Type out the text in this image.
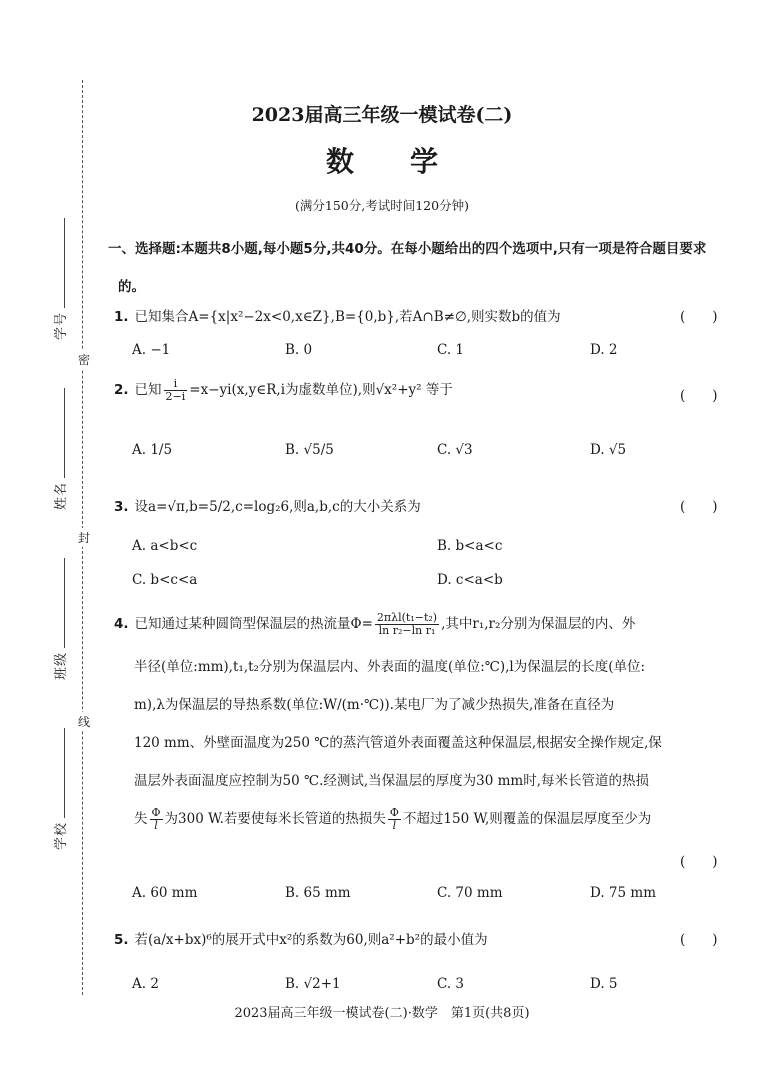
学号
姓名
班级
学校
密
封
线
2023届高三年级一模试卷(二)
数　　学
(满分150分,考试时间120分钟)
一、选择题:本题共8小题,每小题5分,共40分。在每小题给出的四个选项中,只有一项是符合题目要求的。
1. 已知集合A={x|x²−2x<0,x∈Z},B={0,b},若A∩B≠∅,则实数b的值为	(　　)
A. −1	B. 0	C. 1	D. 2
2. 已知 $\frac{i}{2-i}$ =x−yi(x,y∈R,i为虚数单位),则√x²+y² 等于	(　　)
A. 1/5	B. √5/5	C. √3	D. √5
3. 设a=√π,b=5/2,c=log₂6,则a,b,c的大小关系为	(　　)
A. a<b<c	B. b<a<c
C. b<c<a	D. c<a<b
4. 已知通过某种圆筒型保温层的热流量$\Phi= \frac{\text{2πλl(t₁−t₂)}}{\text{ln r₂−ln r₁}}$ ,其中r₁,r₂分别为保温层的内、外
半径(单位:mm),t₁,t₂分别为保温层内、外表面的温度(单位:℃),l为保温层的长度(单位:
m),λ为保温层的导热系数(单位:W/(m·℃)).某电厂为了减少热损失,准备在直径为
120 mm、外壁面温度为250 ℃的蒸汽管道外表面覆盖这种保温层,根据安全操作规定,保
温层外表面温度应控制为50 ℃.经测试,当保温层的厚度为30 mm时,每米长管道的热损
失 $\frac{\Phi}{l}$ 为300 W.若要使每米长管道的热损失 $\frac{\Phi}{l}$ 不超过150 W,则覆盖的保温层厚度至少为
(　　)
A. 60 mm	B. 65 mm	C. 70 mm	D. 75 mm
5. 若(a/x+bx)⁶的展开式中x²的系数为60,则a²+b²的最小值为	(　　)
A. 2	B. √2+1	C. 3	D. 5
2023届高三年级一模试卷(二)·数学　第1页(共8页)
